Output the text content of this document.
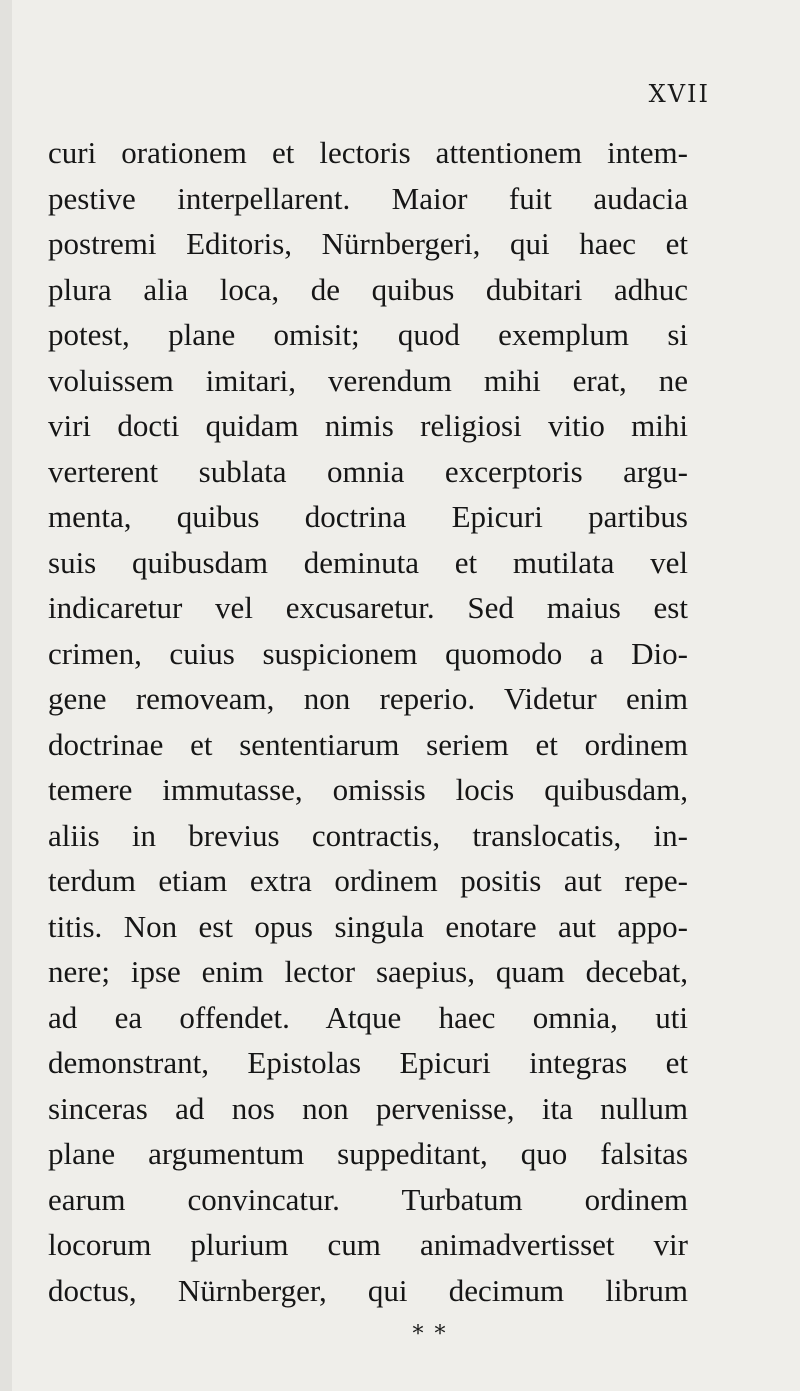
XVII
curi orationem et lectoris attentionem intem-
pestive interpellarent. Maior fuit audacia
postremi Editoris, Nürnbergeri, qui haec et
plura alia loca, de quibus dubitari adhuc
potest, plane omisit; quod exemplum si
voluissem imitari, verendum mihi erat, ne
viri docti quidam nimis religiosi vitio mihi
verterent sublata omnia excerptoris argu-
menta, quibus doctrina Epicuri partibus
suis quibusdam deminuta et mutilata vel
indicaretur vel excusaretur. Sed maius est
crimen, cuius suspicionem quomodo a Dio-
gene removeam, non reperio. Videtur enim
doctrinae et sententiarum seriem et ordinem
temere immutasse, omissis locis quibusdam,
aliis in brevius contractis, translocatis, in-
terdum etiam extra ordinem positis aut repe-
titis. Non est opus singula enotare aut appo-
nere; ipse enim lector saepius, quam decebat,
ad ea offendet. Atque haec omnia, uti
demonstrant, Epistolas Epicuri integras et
sinceras ad nos non pervenisse, ita nullum
plane argumentum suppeditant, quo falsitas
earum convincatur. Turbatum ordinem
locorum plurium cum animadvertisset vir
doctus, Nürnberger, qui decimum librum
* *
